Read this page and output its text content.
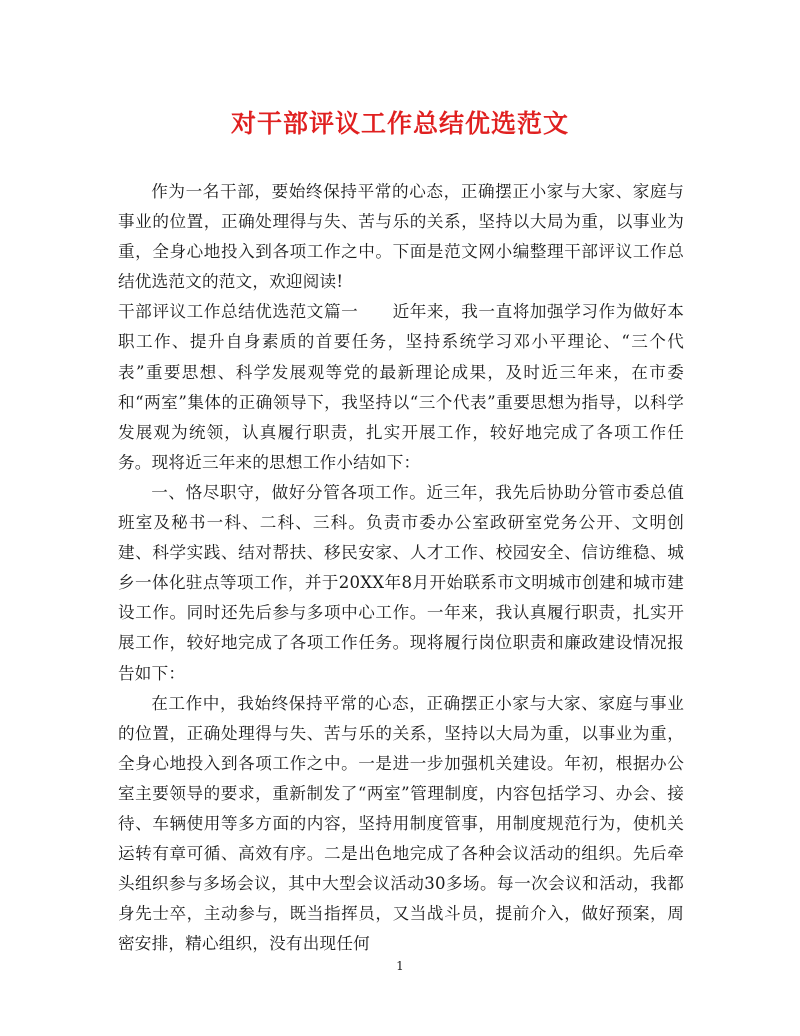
对干部评议工作总结优选范文

作为一名干部，要始终保持平常的心态，正确摆正小家与大家、家庭与事业的位置，正确处理得与失、苦与乐的关系，坚持以大局为重，以事业为重，全身心地投入到各项工作之中。下面是范文网小编整理干部评议工作总结优选范文的范文，欢迎阅读!

干部评议工作总结优选范文篇一　　近年来，我一直将加强学习作为做好本职工作、提升自身素质的首要任务，坚持系统学习邓小平理论、“三个代表”重要思想、科学发展观等党的最新理论成果，及时近三年来，在市委和“两室”集体的正确领导下，我坚持以“三个代表”重要思想为指导，以科学发展观为统领，认真履行职责，扎实开展工作，较好地完成了各项工作任务。现将近三年来的思想工作小结如下：

一、恪尽职守，做好分管各项工作。近三年，我先后协助分管市委总值班室及秘书一科、二科、三科。负责市委办公室政研室党务公开、文明创建、科学实践、结对帮扶、移民安家、人才工作、校园安全、信访维稳、城乡一体化驻点等项工作，并于20XX年8月开始联系市文明城市创建和城市建设工作。同时还先后参与多项中心工作。一年来，我认真履行职责，扎实开展工作，较好地完成了各项工作任务。现将履行岗位职责和廉政建设情况报告如下：

在工作中，我始终保持平常的心态，正确摆正小家与大家、家庭与事业的位置，正确处理得与失、苦与乐的关系，坚持以大局为重，以事业为重，全身心地投入到各项工作之中。一是进一步加强机关建设。年初，根据办公室主要领导的要求，重新制发了“两室”管理制度，内容包括学习、办会、接待、车辆使用等多方面的内容，坚持用制度管事，用制度规范行为，使机关运转有章可循、高效有序。二是出色地完成了各种会议活动的组织。先后牵头组织参与多场会议，其中大型会议活动30多场。每一次会议和活动，我都身先士卒，主动参与，既当指挥员，又当战斗员，提前介入，做好预案，周密安排，精心组织，没有出现任何

1
